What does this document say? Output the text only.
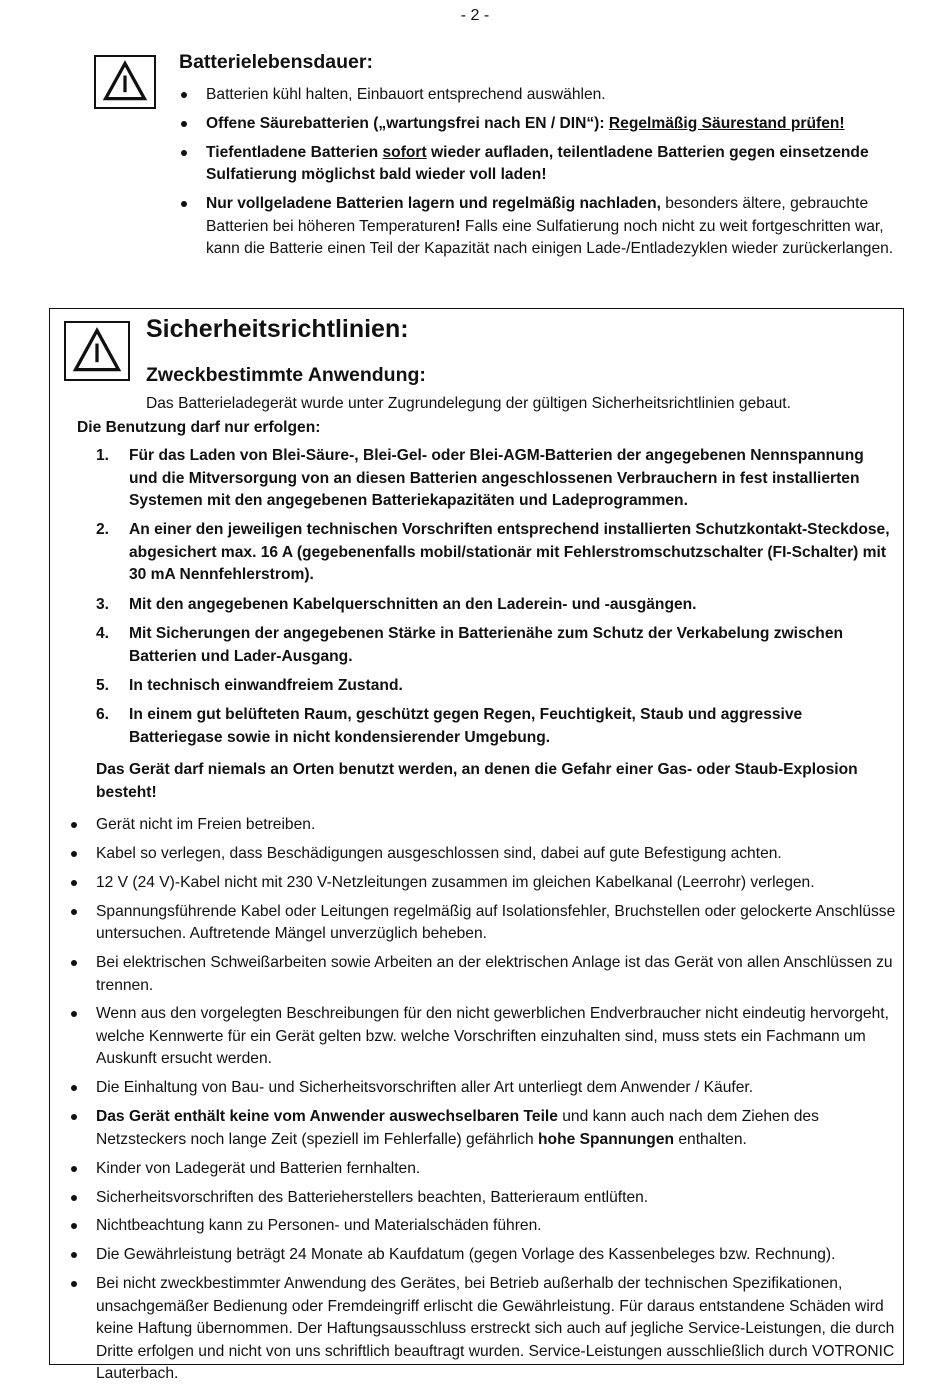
- 2 -
Batterielebensdauer:
Batterien kühl halten, Einbauort entsprechend auswählen.
Offene Säurebatterien („wartungsfrei nach EN / DIN“): Regelmäßig Säurestand prüfen!
Tiefentladene Batterien sofort wieder aufladen, teilentladene Batterien gegen einsetzende Sulfatierung möglichst bald wieder voll laden!
Nur vollgeladene Batterien lagern und regelmäßig nachladen, besonders ältere, gebrauchte Batterien bei höheren Temperaturen! Falls eine Sulfatierung noch nicht zu weit fortgeschritten war, kann die Batterie einen Teil der Kapazität nach einigen Lade-/Entladezyklen wieder zurückerlangen.
Sicherheitsrichtlinien:
Zweckbestimmte Anwendung:
Das Batterieladegerät wurde unter Zugrundelegung der gültigen Sicherheitsrichtlinien gebaut.
Die Benutzung darf nur erfolgen:
1. Für das Laden von Blei-Säure-, Blei-Gel- oder Blei-AGM-Batterien der angegebenen Nennspannung und die Mitversorgung von an diesen Batterien angeschlossenen Verbrauchern in fest installierten Systemen mit den angegebenen Batteriekapazitäten und Ladeprogrammen.
2. An einer den jeweiligen technischen Vorschriften entsprechend installierten Schutzkontakt-Steckdose, abgesichert max. 16 A (gegebenenfalls mobil/stationär mit Fehlerstromschutzschalter (FI-Schalter) mit 30 mA Nennfehlerstrom).
3. Mit den angegebenen Kabelquerschnitten an den Laderein- und -ausgängen.
4. Mit Sicherungen der angegebenen Stärke in Batterienähe zum Schutz der Verkabelung zwischen Batterien und Lader-Ausgang.
5. In technisch einwandfreiem Zustand.
6. In einem gut belüfteten Raum, geschützt gegen Regen, Feuchtigkeit, Staub und aggressive Batteriegase sowie in nicht kondensierender Umgebung.
Das Gerät darf niemals an Orten benutzt werden, an denen die Gefahr einer Gas- oder Staub-Explosion besteht!
Gerät nicht im Freien betreiben.
Kabel so verlegen, dass Beschädigungen ausgeschlossen sind, dabei auf gute Befestigung achten.
12 V (24 V)-Kabel nicht mit 230 V-Netzleitungen zusammen im gleichen Kabelkanal (Leerrohr) verlegen.
Spannungsführende Kabel oder Leitungen regelmäßig auf Isolationsfehler, Bruchstellen oder gelockerte Anschlüsse untersuchen. Auftretende Mängel unverzüglich beheben.
Bei elektrischen Schweißarbeiten sowie Arbeiten an der elektrischen Anlage ist das Gerät von allen Anschlüssen zu trennen.
Wenn aus den vorgelegten Beschreibungen für den nicht gewerblichen Endverbraucher nicht eindeutig hervorgeht, welche Kennwerte für ein Gerät gelten bzw. welche Vorschriften einzuhalten sind, muss stets ein Fachmann um Auskunft ersucht werden.
Die Einhaltung von Bau- und Sicherheitsvorschriften aller Art unterliegt dem Anwender / Käufer.
Das Gerät enthält keine vom Anwender auswechselbaren Teile und kann auch nach dem Ziehen des Netzsteckers noch lange Zeit (speziell im Fehlerfalle) gefährlich hohe Spannungen enthalten.
Kinder von Ladegerät und Batterien fernhalten.
Sicherheitsvorschriften des Batterieherstellers beachten, Batterieraum entlüften.
Nichtbeachtung kann zu Personen- und Materialschäden führen.
Die Gewährleistung beträgt 24 Monate ab Kaufdatum (gegen Vorlage des Kassenbeleges bzw. Rechnung).
Bei nicht zweckbestimmter Anwendung des Gerätes, bei Betrieb außerhalb der technischen Spezifikationen, unsachgemäßer Bedienung oder Fremdeingriff erlischt die Gewährleistung. Für daraus entstandene Schäden wird keine Haftung übernommen. Der Haftungsausschluss erstreckt sich auch auf jegliche Service-Leistungen, die durch Dritte erfolgen und nicht von uns schriftlich beauftragt wurden. Service-Leistungen ausschließlich durch VOTRONIC Lauterbach.
